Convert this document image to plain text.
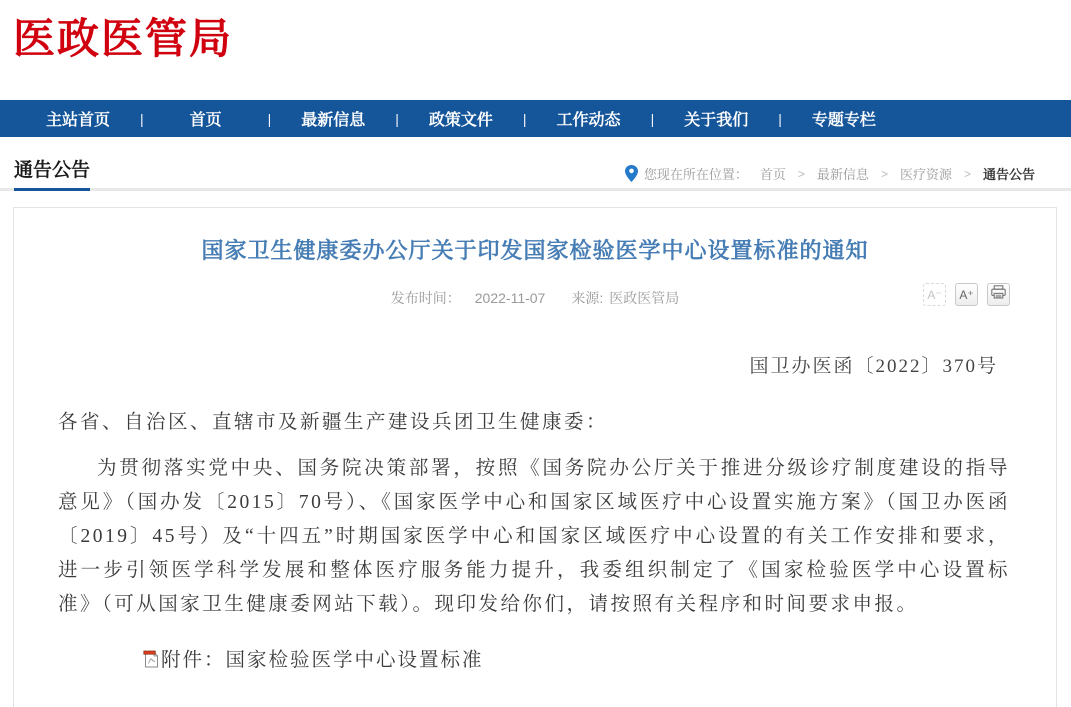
医政医管局
主站首页	|	首页	|	最新信息	|	政策文件	|	工作动态	|	关于我们	|	专题专栏
通告公告	您现在所在位置： 首页 > 最新信息 > 医疗资源 > 通告公告
国家卫生健康委办公厅关于印发国家检验医学中心设置标准的通知
发布时间： 2022-11-07 来源: 医政医管局	A⁻	A⁺
国卫办医函〔2022〕370号

各省、自治区、直辖市及新疆生产建设兵团卫生健康委：

为贯彻落实党中央、国务院决策部署，按照《国务院办公厅关于推进分级诊疗制度建设的指导意见》（国办发〔2015〕70号）、《国家医学中心和国家区域医疗中心设置实施方案》（国卫办医函〔2019〕45号）及“十四五”时期国家医学中心和国家区域医疗中心设置的有关工作安排和要求，进一步引领医学科学发展和整体医疗服务能力提升，我委组织制定了《国家检验医学中心设置标准》（可从国家卫生健康委网站下载）。现印发给你们，请按照有关程序和时间要求申报。

附件： 国家检验医学中心设置标准
